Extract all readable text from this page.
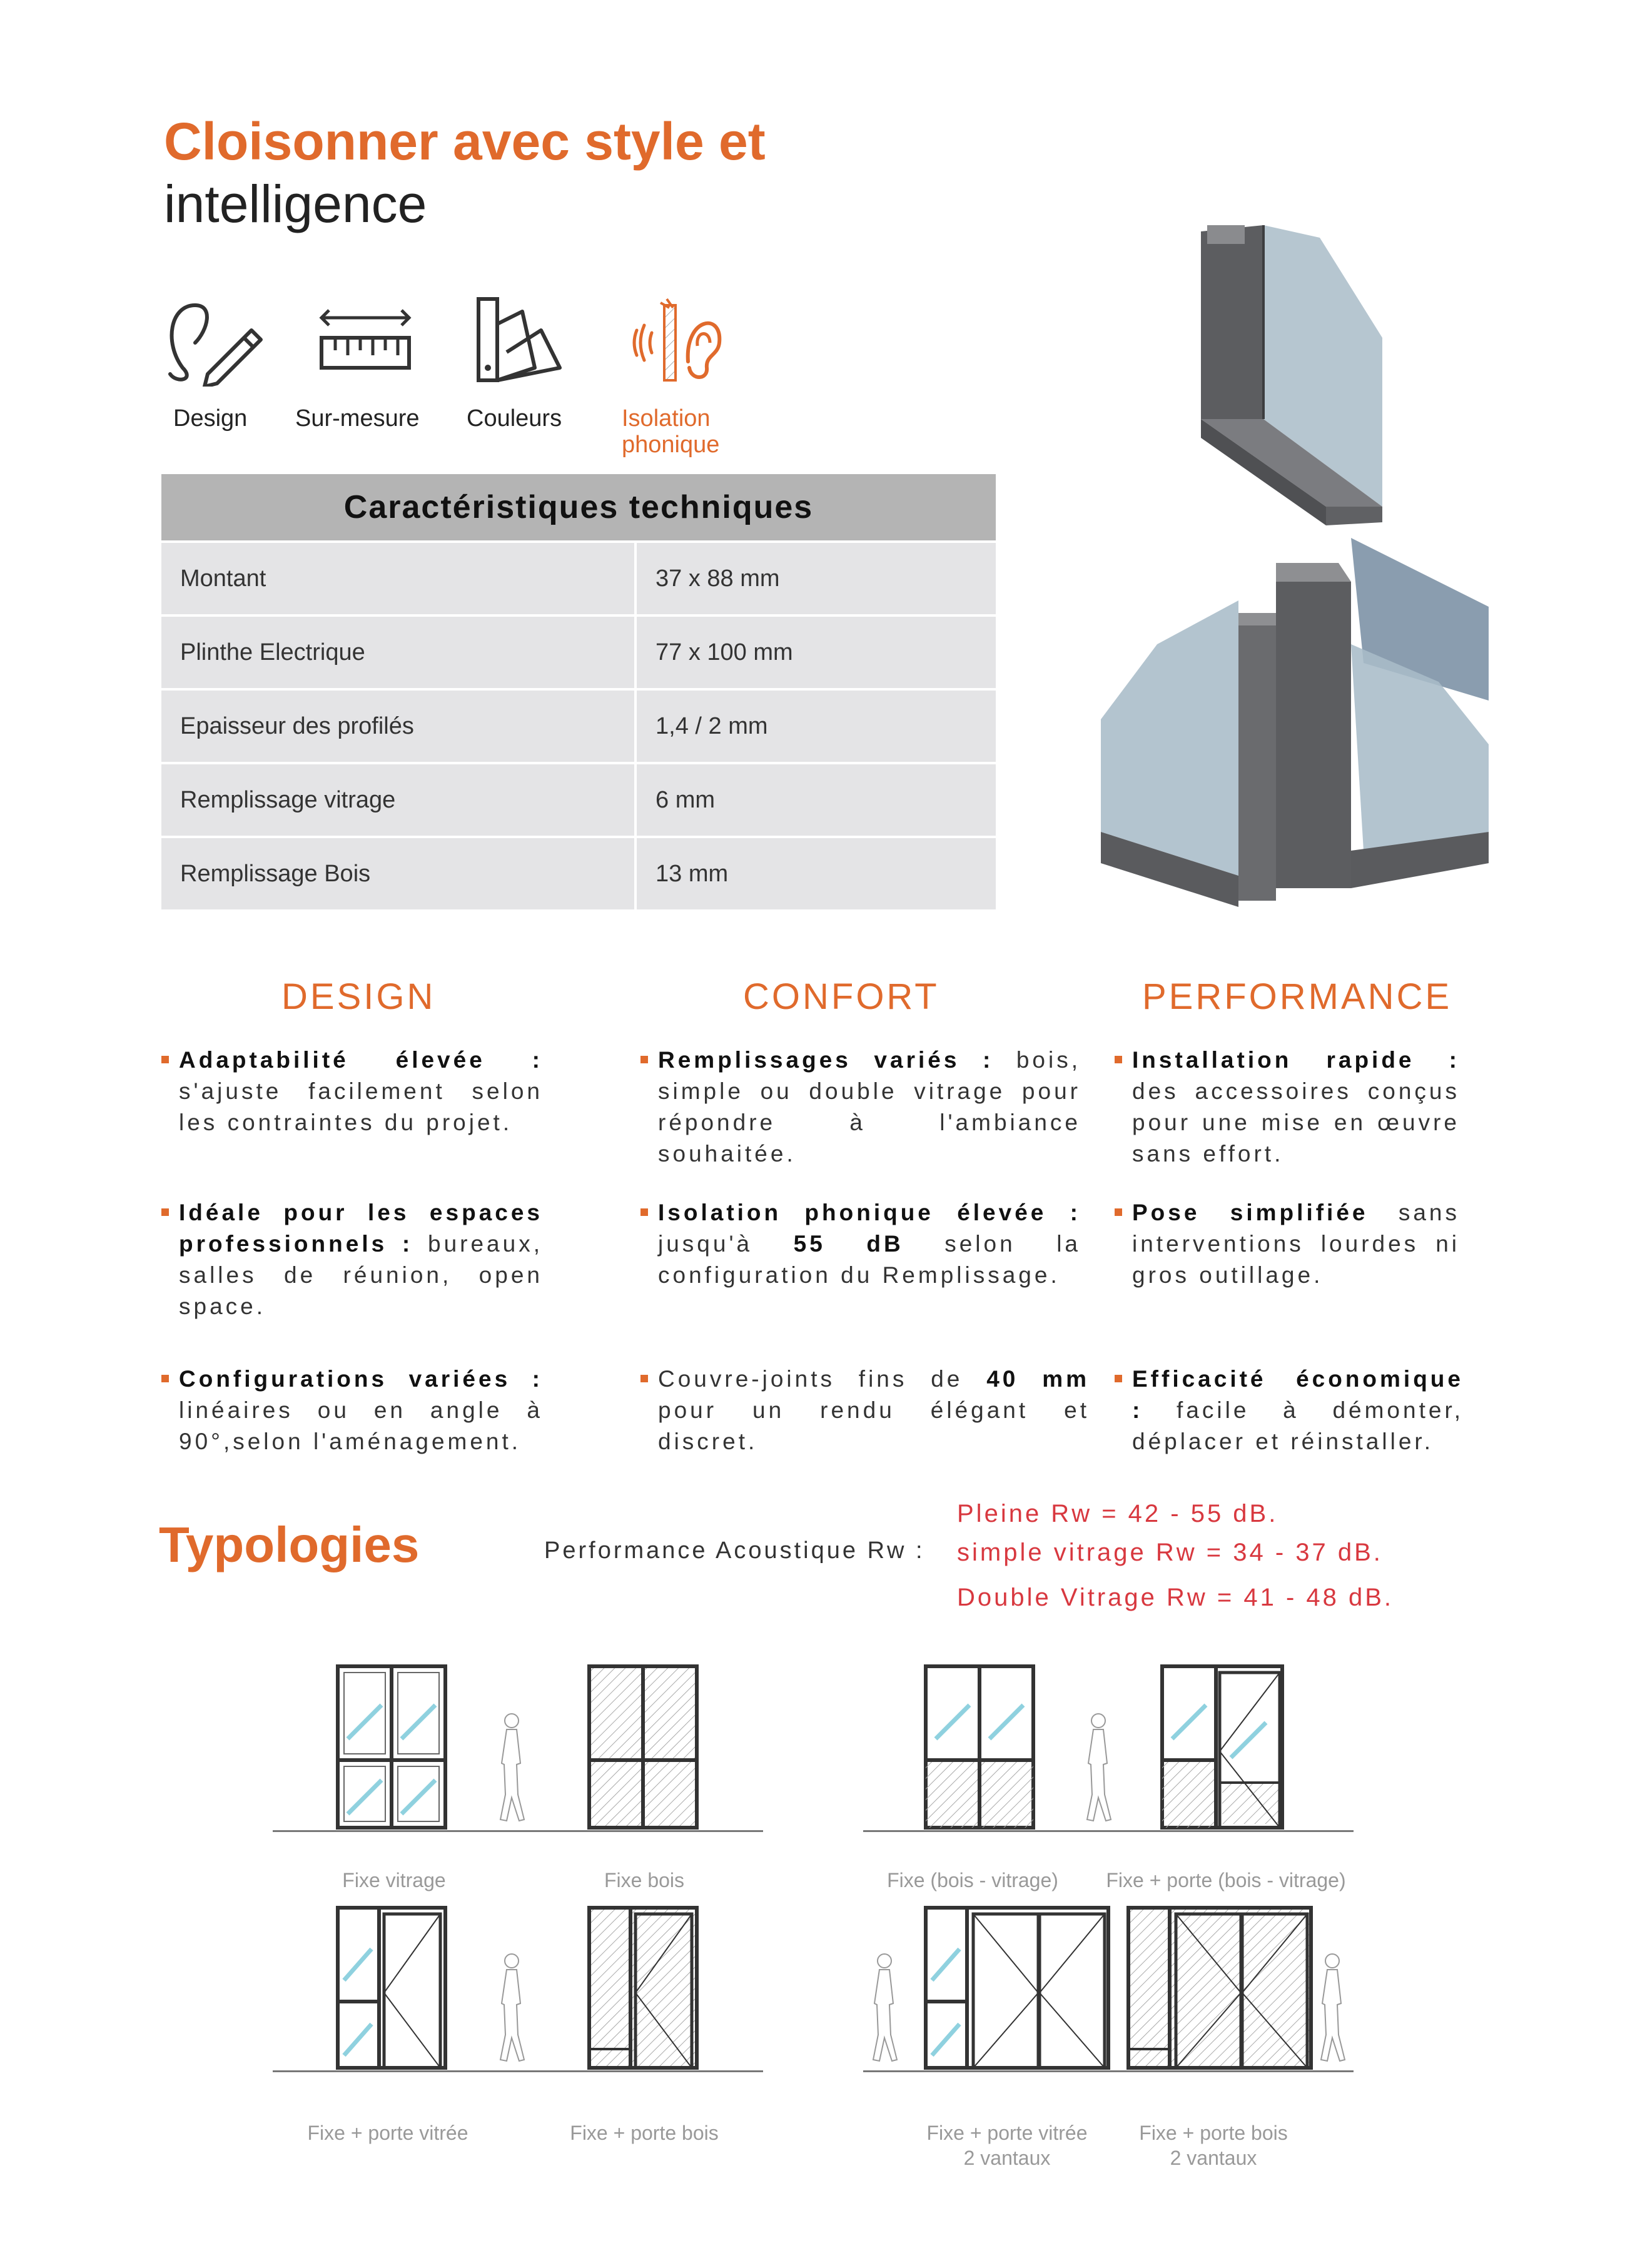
Cloisonner avec style et
intelligence
Design Sur-mesure Couleurs	Isolation
phonique
Caractéristiques techniques
Montant	37 x 88 mm
Plinthe Electrique	77 x 100 mm
Epaisseur des profilés	1,4 / 2 mm
Remplissage vitrage	6 mm
Remplissage Bois	13 mm
DESIGN	CONFORT	PERFORMANCE
Adaptabilité élevée : s'ajuste facilement selon les contraintes du projet.
Idéale pour les espaces professionnels : bureaux, salles de réunion, open space.
Configurations variées : linéaires ou en angle à 90°,selon l'aménagement.
Remplissages variés : bois, simple ou double vitrage pour répondre à l'ambiance souhaitée.
Isolation phonique élevée : jusqu'à 55 dB selon la configuration du Remplissage.
Couvre-joints fins de 40 mm pour un rendu élégant et discret.
Installation rapide : des accessoires conçus pour une mise en œuvre sans effort.
Pose simplifiée sans interventions lourdes ni gros outillage.
Efficacité économique : facile à démonter, déplacer et réinstaller.
Typologies	Performance Acoustique Rw :
Pleine Rw = 42 - 55 dB.
simple vitrage Rw = 34 - 37 dB.
Double Vitrage Rw = 41 - 48 dB.
Fixe vitrage	Fixe bois	Fixe (bois - vitrage)	Fixe + porte (bois - vitrage)
Fixe + porte vitrée	Fixe + porte bois	Fixe + porte vitrée
2 vantaux
Fixe + porte bois
2 vantaux
